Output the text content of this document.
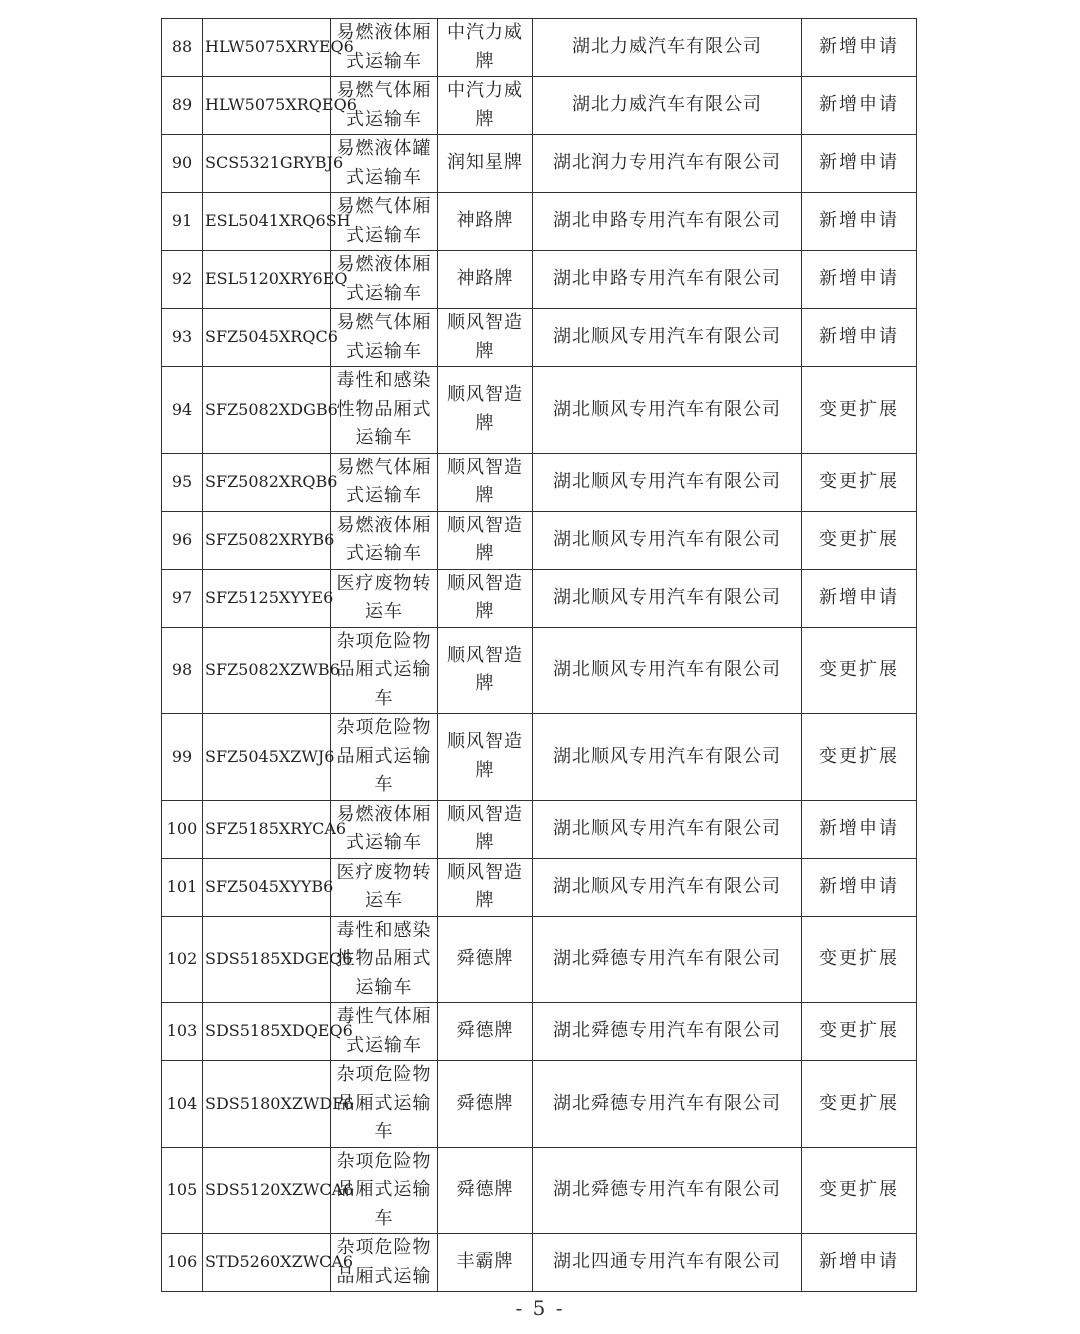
88	HLW5075XRYEQ6	易燃液体厢式运输车	中汽力威牌	湖北力威汽车有限公司	新增申请
89	HLW5075XRQEQ6	易燃气体厢式运输车	中汽力威牌	湖北力威汽车有限公司	新增申请
90	SCS5321GRYBJ6	易燃液体罐式运输车	润知星牌	湖北润力专用汽车有限公司	新增申请
91	ESL5041XRQ6SH	易燃气体厢式运输车	神路牌	湖北申路专用汽车有限公司	新增申请
92	ESL5120XRY6EQ	易燃液体厢式运输车	神路牌	湖北申路专用汽车有限公司	新增申请
93	SFZ5045XRQC6	易燃气体厢式运输车	顺风智造牌	湖北顺风专用汽车有限公司	新增申请
94	SFZ5082XDGB6	毒性和感染性物品厢式运输车	顺风智造牌	湖北顺风专用汽车有限公司	变更扩展
95	SFZ5082XRQB6	易燃气体厢式运输车	顺风智造牌	湖北顺风专用汽车有限公司	变更扩展
96	SFZ5082XRYB6	易燃液体厢式运输车	顺风智造牌	湖北顺风专用汽车有限公司	变更扩展
97	SFZ5125XYYE6	医疗废物转运车	顺风智造牌	湖北顺风专用汽车有限公司	新增申请
98	SFZ5082XZWB6	杂项危险物品厢式运输车	顺风智造牌	湖北顺风专用汽车有限公司	变更扩展
99	SFZ5045XZWJ6	杂项危险物品厢式运输车	顺风智造牌	湖北顺风专用汽车有限公司	变更扩展
100	SFZ5185XRYCA6	易燃液体厢式运输车	顺风智造牌	湖北顺风专用汽车有限公司	新增申请
101	SFZ5045XYYB6	医疗废物转运车	顺风智造牌	湖北顺风专用汽车有限公司	新增申请
102	SDS5185XDGEQ6	毒性和感染性物品厢式运输车	舜德牌	湖北舜德专用汽车有限公司	变更扩展
103	SDS5185XDQEQ6	毒性气体厢式运输车	舜德牌	湖北舜德专用汽车有限公司	变更扩展
104	SDS5180XZWDF6	杂项危险物品厢式运输车	舜德牌	湖北舜德专用汽车有限公司	变更扩展
105	SDS5120XZWCA6	杂项危险物品厢式运输车	舜德牌	湖北舜德专用汽车有限公司	变更扩展
106	STD5260XZWCA6	杂项危险物品厢式运输	丰霸牌	湖北四通专用汽车有限公司	新增申请
- 5 -
